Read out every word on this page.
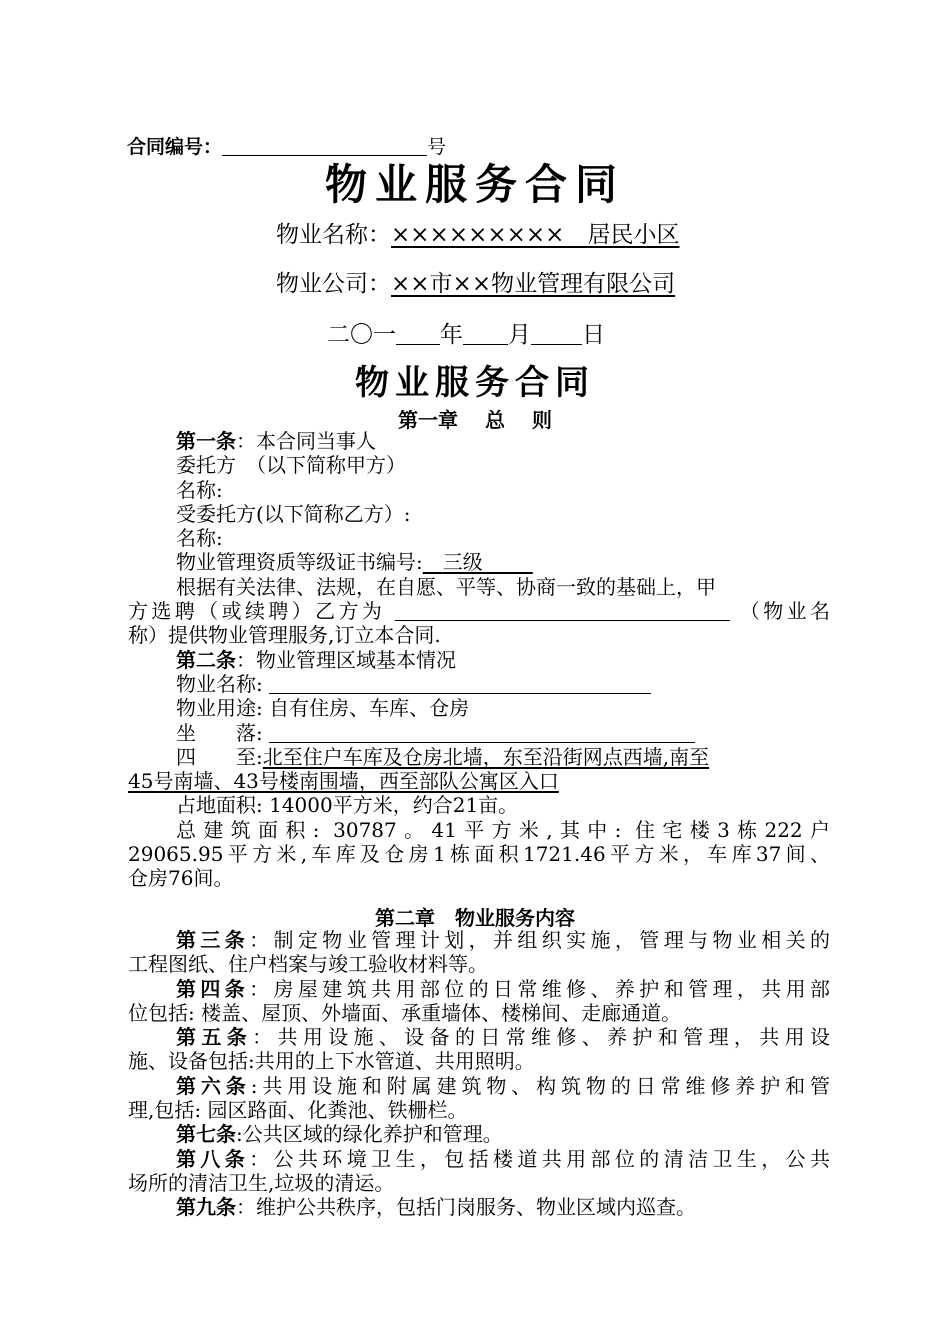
合同编号：	号
物业服务合同
物业名称：×××××××××　居民小区
物业公司：××市××物业管理有限公司
二〇一 年 月 日
物业服务合同
第一章　 总　 则
第一条：本合同当事人
委托方　（以下简称甲方）
名称:
受委托方(以下简称乙方）:
名称:
物业管理资质等级证书编号:　 三级　　 
根据有关法律、法规，在自愿、平等、协商一致的基础上，甲
方选聘（或续聘）乙方为	（物业名
称）提供物业管理服务,订立本合同.
第二条：物业管理区域基本情况
物业名称:
物业用途: 自有住房、车库、仓房
坐　　落:
四　　至:北至住户车库及仓房北墙，东至沿街网点西墙,南至
45号南墙、43号楼南围墙，西至部队公寓区入口
占地面积: 14000平方米，约合21亩。
总建筑面积: 30787。41平方米,其中: 住宅楼3栋222户
29065.95平方米,车库及仓房1栋面积1721.46平方米，车库37间、
仓房76间。
第二章　物业服务内容
第三条：制定物业管理计划，并组织实施，管理与物业相关的
工程图纸、住户档案与竣工验收材料等。
第四条：房屋建筑共用部位的日常维修、养护和管理，共用部
位包括: 楼盖、屋顶、外墙面、承重墙体、楼梯间、走廊通道。
第五条：共用设施、设备的日常维修、养护和管理，共用设
施、设备包括:共用的上下水管道、共用照明。
第六条:共用设施和附属建筑物、构筑物的日常维修养护和管
理,包括: 园区路面、化粪池、铁栅栏。
第七条:公共区域的绿化养护和管理。
第八条：公共环境卫生，包括楼道共用部位的清洁卫生，公共
场所的清洁卫生,垃圾的清运。
第九条：维护公共秩序，包括门岗服务、物业区域内巡查。
